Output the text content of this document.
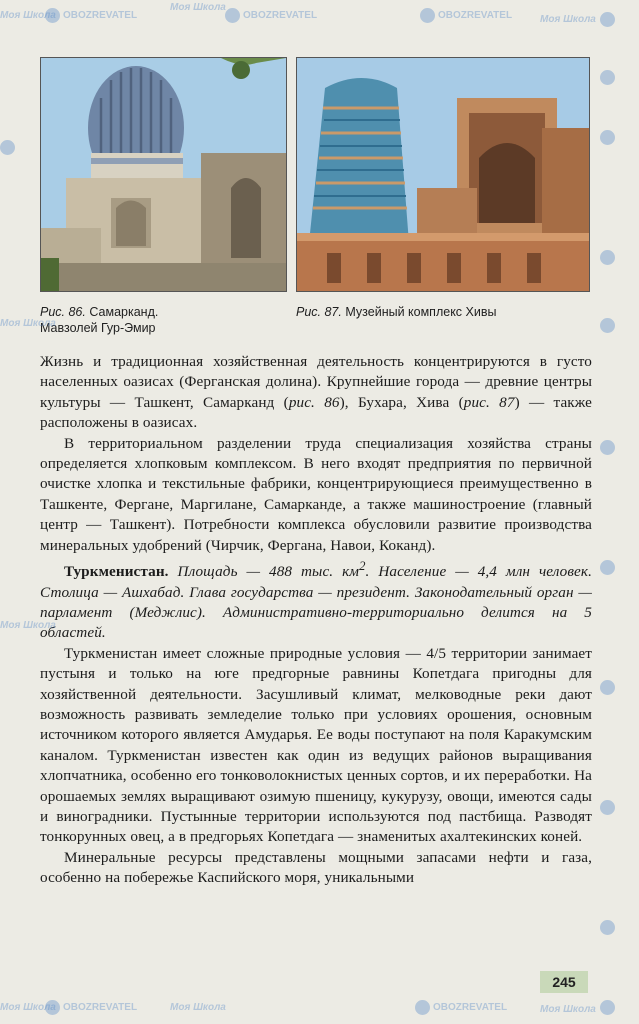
Рис. 86. Самарканд.
Мавзолей Гур-Эмир
Рис. 87. Музейный комплекс Хивы

Жизнь и традиционная хозяйственная деятельность концентрируются в густо населенных оазисах (Ферганская долина). Крупнейшие города — древние центры культуры — Ташкент, Самарканд (рис. 86), Бухара, Хива (рис. 87) — также расположены в оазисах.

В территориальном разделении труда специализация хозяйства страны определяется хлопковым комплексом. В него входят предприятия по первичной очистке хлопка и текстильные фабрики, концентрирующиеся преимущественно в Ташкенте, Фергане, Маргилане, Самарканде, а также машиностроение (главный центр — Ташкент). Потребности комплекса обусловили развитие производства минеральных удобрений (Чирчик, Фергана, Навои, Коканд).

Туркменистан. Площадь — 488 тыс. $км^2$. Население — 4,4 млн человек. Столица — Ашхабад. Глава государства — президент. Законодательный орган — парламент (Меджлис). Административно-территориально делится на 5 областей.

Туркменистан имеет сложные природные условия — 4/5 территории занимает пустыня и только на юге предгорные равнины Копетдага пригодны для хозяйственной деятельности. Засушливый климат, мелководные реки дают возможность развивать земледелие только при условиях орошения, основным источником которого является Амударья. Ее воды поступают на поля Каракумским каналом. Туркменистан известен как один из ведущих районов выращивания хлопчатника, особенно его тонковолокнистых ценных сортов, и их переработки. На орошаемых землях выращивают озимую пшеницу, кукурузу, овощи, имеются сады и виноградники. Пустынные территории используются под пастбища. Разводят тонкорунных овец, а в предгорьях Копетдага — знаменитых ахалтекинских коней.

Минеральные ресурсы представлены мощными запасами нефти и газа, особенно на побережье Каспийского моря, уникальными

245
Моя Школа OBOZREVATEL
Моя Школа
OBOZREVATEL	OBOZREVATEL	Моя Школа
Моя Школа
Моя Школа
Моя Школа OBOZREVATEL	Моя Школа	OBOZREVATEL	Моя Школа
